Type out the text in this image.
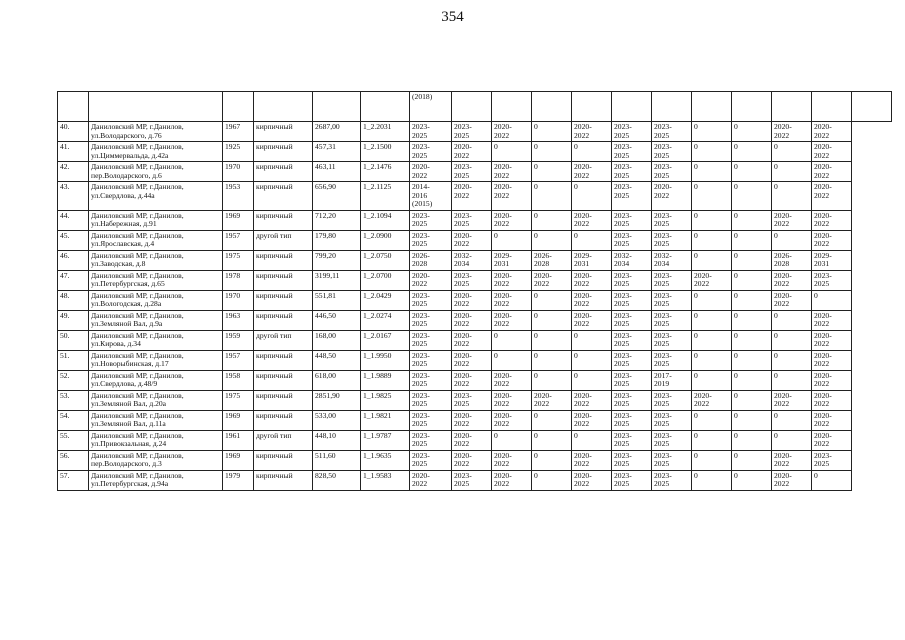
354
						(2018)											
40.	Даниловский МР, г.Данилов,
ул.Володарского, д.76	1967	кирпичный	2687,00	1_2.2031	2023-
2025	2023-
2025	2020-
2022	0	2020-
2022	2023-
2025	2023-
2025	0	0	2020-
2022	2020-
2022	
41.	Даниловский МР, г.Данилов,
ул.Циммервальда, д.42а	1925	кирпичный	457,31	1_2.1500	2023-
2025	2020-
2022	0	0	0	2023-
2025	2023-
2025	0	0	0	2020-
2022	
42.	Даниловский МР, г.Данилов,
пер.Володарского, д.6	1970	кирпичный	463,11	1_2.1476	2020-
2022	2023-
2025	2020-
2022	0	2020-
2022	2023-
2025	2023-
2025	0	0	0	2020-
2022	
43.	Даниловский МР, г.Данилов,
ул.Свердлова, д.44а	1953	кирпичный	656,90	1_2.1125	2014-
2016
(2015)	2020-
2022	2020-
2022	0	0	2023-
2025	2020-
2022	0	0	0	2020-
2022	
44.	Даниловский МР, г.Данилов,
ул.Набережная, д.91	1969	кирпичный	712,20	1_2.1094	2023-
2025	2023-
2025	2020-
2022	0	2020-
2022	2023-
2025	2023-
2025	0	0	2020-
2022	2020-
2022	
45.	Даниловский МР, г.Данилов,
ул.Ярославская, д.4	1957	другой тип	179,80	1_2.0900	2023-
2025	2020-
2022	0	0	0	2023-
2025	2023-
2025	0	0	0	2020-
2022	
46.	Даниловский МР, г.Данилов,
ул.Заводская, д.8	1975	кирпичный	799,20	1_2.0750	2026-
2028	2032-
2034	2029-
2031	2026-
2028	2029-
2031	2032-
2034	2032-
2034	0	0	2026-
2028	2029-
2031	
47.	Даниловский МР, г.Данилов,
ул.Петербургская, д.65	1978	кирпичный	3199,11	1_2.0700	2020-
2022	2023-
2025	2020-
2022	2020-
2022	2020-
2022	2023-
2025	2023-
2025	2020-
2022	0	2020-
2022	2023-
2025	
48.	Даниловский МР, г.Данилов,
ул.Вологодская, д.28а	1970	кирпичный	551,81	1_2.0429	2023-
2025	2020-
2022	2020-
2022	0	2020-
2022	2023-
2025	2023-
2025	0	0	2020-
2022	0	
49.	Даниловский МР, г.Данилов,
ул.Земляной Вал, д.9а	1963	кирпичный	446,50	1_2.0274	2023-
2025	2020-
2022	2020-
2022	0	2020-
2022	2023-
2025	2023-
2025	0	0	0	2020-
2022	
50.	Даниловский МР, г.Данилов,
ул.Кирова, д.34	1959	другой тип	168,00	1_2.0167	2023-
2025	2020-
2022	0	0	0	2023-
2025	2023-
2025	0	0	0	2020-
2022	
51.	Даниловский МР, г.Данилов,
ул.Новорыбинская, д.17	1957	кирпичный	448,50	1_1.9950	2023-
2025	2020-
2022	0	0	0	2023-
2025	2023-
2025	0	0	0	2020-
2022	
52.	Даниловский МР, г.Данилов,
ул.Свердлова, д.48/9	1958	кирпичный	618,00	1_1.9889	2023-
2025	2020-
2022	2020-
2022	0	0	2023-
2025	2017-
2019	0	0	0	2020-
2022	
53.	Даниловский МР, г.Данилов,
ул.Земляной Вал, д.20а	1975	кирпичный	2851,90	1_1.9825	2023-
2025	2023-
2025	2020-
2022	2020-
2022	2020-
2022	2023-
2025	2023-
2025	2020-
2022	0	2020-
2022	2020-
2022	
54.	Даниловский МР, г.Данилов,
ул.Земляной Вал, д.11а	1969	кирпичный	533,00	1_1.9821	2023-
2025	2020-
2022	2020-
2022	0	2020-
2022	2023-
2025	2023-
2025	0	0	0	2020-
2022	
55.	Даниловский МР, г.Данилов,
ул.Привокзальная, д.24	1961	другой тип	448,10	1_1.9787	2023-
2025	2020-
2022	0	0	0	2023-
2025	2023-
2025	0	0	0	2020-
2022	
56.	Даниловский МР, г.Данилов,
пер.Володарского, д.3	1969	кирпичный	511,60	1_1.9635	2023-
2025	2020-
2022	2020-
2022	0	2020-
2022	2023-
2025	2023-
2025	0	0	2020-
2022	2023-
2025	
57.	Даниловский МР, г.Данилов,
ул.Петербургская, д.94а	1979	кирпичный	828,50	1_1.9583	2020-
2022	2023-
2025	2020-
2022	0	2020-
2022	2023-
2025	2023-
2025	0	0	2020-
2022	0	
